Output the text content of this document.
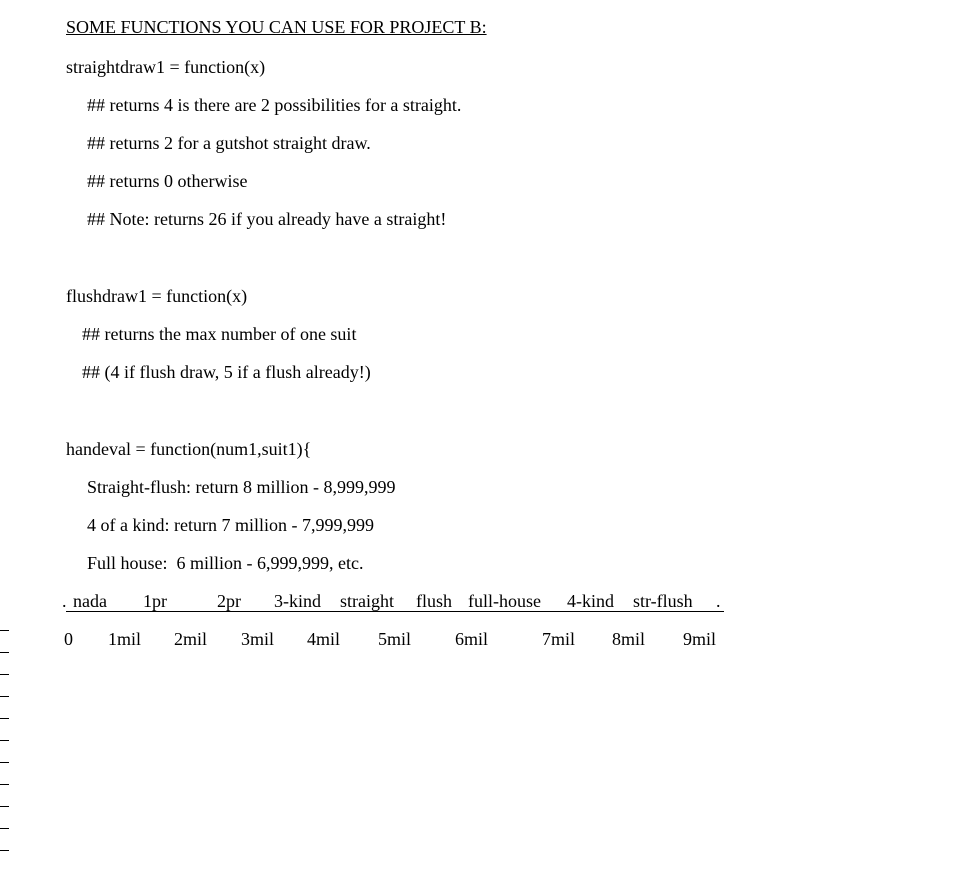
SOME FUNCTIONS YOU CAN USE FOR PROJECT B:
straightdraw1 = function(x)
## returns 4 is there are 2 possibilities for a straight.
## returns 2 for a gutshot straight draw.
## returns 0 otherwise
## Note: returns 26 if you already have a straight!
flushdraw1 = function(x)
## returns the max number of one suit
## (4 if flush draw, 5 if a flush already!)
handeval = function(num1,suit1){
Straight-flush: return 8 million - 8,999,999
4 of a kind: return 7 million - 7,999,999
Full house:  6 million - 6,999,999, etc.

.

nada

1pr

	2pr

3-kind

straight

flush

full-house

4-kind

str-flush

.

0

1mil

2mil

3mil

4mil

5mil

6mil

	7mil

8mil

9mil
